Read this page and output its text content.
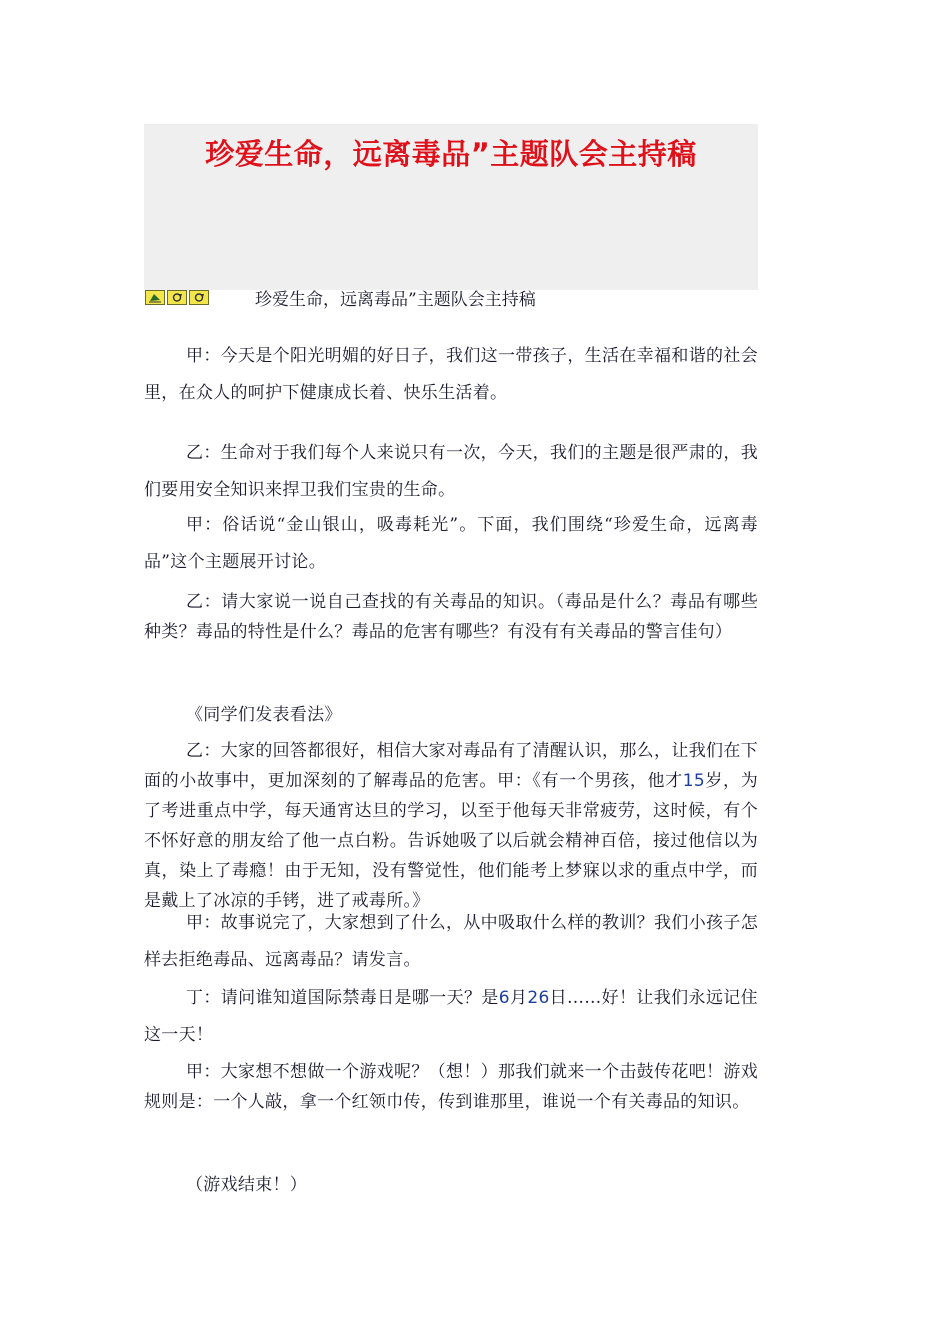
珍爱生命，远离毒品”主题队会主持稿
珍爱生命，远离毒品”主题队会主持稿

甲：今天是个阳光明媚的好日子，我们这一带孩子，生活在幸福和谐的社会里，在众人的呵护下健康成长着、快乐生活着。

乙：生命对于我们每个人来说只有一次，今天，我们的主题是很严肃的，我们要用安全知识来捍卫我们宝贵的生命。

甲：俗话说“金山银山，吸毒耗光”。下面，我们围绕“珍爱生命，远离毒品”这个主题展开讨论。

乙：请大家说一说自己查找的有关毒品的知识。（毒品是什么？毒品有哪些种类？毒品的特性是什么？毒品的危害有哪些？有没有有关毒品的警言佳句）

《同学们发表看法》

乙：大家的回答都很好，相信大家对毒品有了清醒认识，那么，让我们在下面的小故事中，更加深刻的了解毒品的危害。甲：《有一个男孩，他才15岁，为了考进重点中学，每天通宵达旦的学习，以至于他每天非常疲劳，这时候，有个不怀好意的朋友给了他一点白粉。告诉她吸了以后就会精神百倍，接过他信以为真，染上了毒瘾！由于无知，没有警觉性，他们能考上梦寐以求的重点中学，而是戴上了冰凉的手铐，进了戒毒所。》

甲：故事说完了，大家想到了什么，从中吸取什么样的教训？我们小孩子怎样去拒绝毒品、远离毒品？请发言。

丁：请问谁知道国际禁毒日是哪一天？是6月26日……好！让我们永远记住这一天！

甲：大家想不想做一个游戏呢？（想！）那我们就来一个击鼓传花吧！游戏规则是：一个人敲，拿一个红领巾传，传到谁那里，谁说一个有关毒品的知识。

（游戏结束！）
